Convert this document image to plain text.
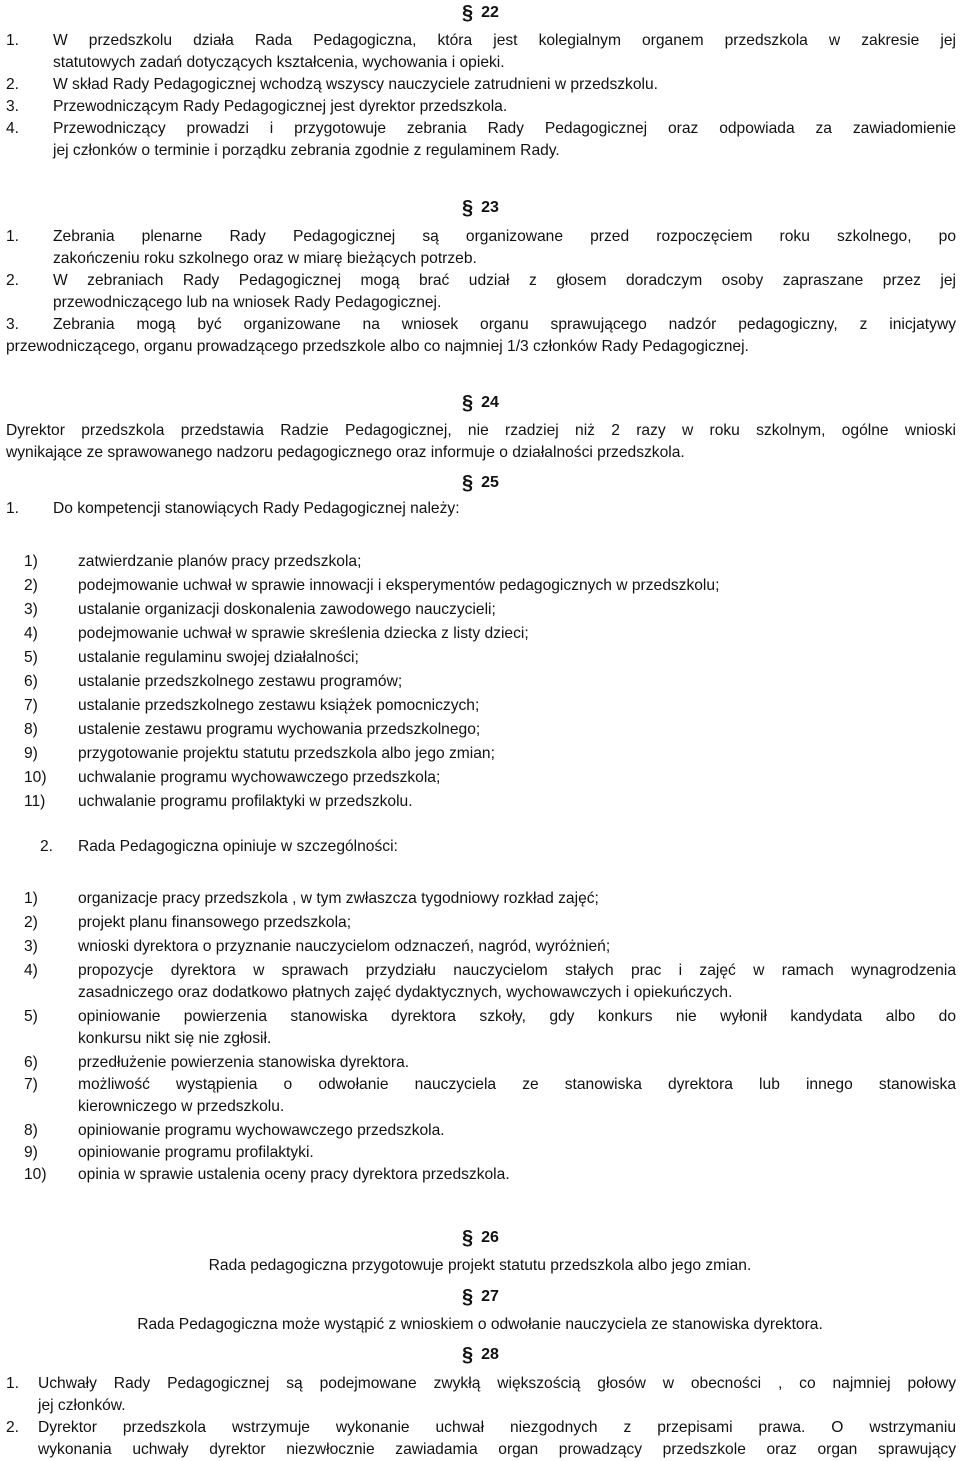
§ 22
1. W przedszkolu działa Rada Pedagogiczna, która jest kolegialnym organem przedszkola w zakresie jej
statutowych zadań dotyczących kształcenia, wychowania i opieki.
2. W skład Rady Pedagogicznej wchodzą wszyscy nauczyciele zatrudnieni w przedszkolu.
3. Przewodniczącym Rady Pedagogicznej jest dyrektor przedszkola.
4. Przewodniczący prowadzi i przygotowuje zebrania Rady Pedagogicznej oraz odpowiada za zawiadomienie
jej członków o terminie i porządku zebrania zgodnie z regulaminem Rady.
§ 23
1. Zebrania plenarne Rady Pedagogicznej są organizowane przed rozpoczęciem roku szkolnego, po
zakończeniu roku szkolnego oraz w miarę bieżących potrzeb.
2. W zebraniach Rady Pedagogicznej mogą brać udział z głosem doradczym osoby zapraszane przez jej
przewodniczącego lub na wniosek Rady Pedagogicznej.
3. Zebrania mogą być organizowane na wniosek organu sprawującego nadzór pedagogiczny, z inicjatywy
przewodniczącego, organu prowadzącego przedszkole albo co najmniej 1/3 członków Rady Pedagogicznej.
§ 24
Dyrektor przedszkola przedstawia Radzie Pedagogicznej, nie rzadziej niż 2 razy w roku szkolnym, ogólne wnioski
wynikające ze sprawowanego nadzoru pedagogicznego oraz informuje o działalności przedszkola.
§ 25
1. Do kompetencji stanowiących Rady Pedagogicznej należy:
1)	zatwierdzanie planów pracy przedszkola;
2)	podejmowanie uchwał w sprawie innowacji i eksperymentów pedagogicznych w przedszkolu;
3)	ustalanie organizacji doskonalenia zawodowego nauczycieli;
4)	podejmowanie uchwał w sprawie skreślenia dziecka z listy dzieci;
5)	ustalanie regulaminu swojej działalności;
6)	ustalanie przedszkolnego zestawu programów;
7)	ustalanie przedszkolnego zestawu książek pomocniczych;
8)	ustalenie zestawu programu wychowania przedszkolnego;
9)	przygotowanie projektu statutu przedszkola albo jego zmian;
10) uchwalanie programu wychowawczego przedszkola;
11) uchwalanie programu profilaktyki w przedszkolu.
2. Rada Pedagogiczna opiniuje w szczególności:
1)	organizacje pracy przedszkola , w tym zwłaszcza tygodniowy rozkład zajęć;
2)	projekt planu finansowego przedszkola;
3)	wnioski dyrektora o przyznanie nauczycielom odznaczeń, nagród, wyróżnień;
4)	propozycje dyrektora w sprawach przydziału nauczycielom stałych prac i zajęć w ramach wynagrodzenia
zasadniczego oraz dodatkowo płatnych zajęć dydaktycznych, wychowawczych i opiekuńczych.
5)	opiniowanie powierzenia stanowiska dyrektora szkoły, gdy konkurs nie wyłonił kandydata albo do
konkursu nikt się nie zgłosił.
6)	przedłużenie powierzenia stanowiska dyrektora.
7)	możliwość wystąpienia o odwołanie nauczyciela ze stanowiska dyrektora lub innego stanowiska
kierowniczego w przedszkolu.
8)	opiniowanie programu wychowawczego przedszkola.
9)	opiniowanie programu profilaktyki.
10) opinia w sprawie ustalenia oceny pracy dyrektora przedszkola.
§ 26
Rada pedagogiczna przygotowuje projekt statutu przedszkola albo jego zmian.
§ 27
Rada Pedagogiczna może wystąpić z wnioskiem o odwołanie nauczyciela ze stanowiska dyrektora.
§ 28
1. Uchwały Rady Pedagogicznej są podejmowane zwykłą większością głosów w obecności , co najmniej połowy
jej członków.
2. Dyrektor przedszkola wstrzymuje wykonanie uchwał niezgodnych z przepisami prawa. O wstrzymaniu
wykonania uchwały dyrektor niezwłocznie zawiadamia organ prowadzący przedszkole oraz organ sprawujący
